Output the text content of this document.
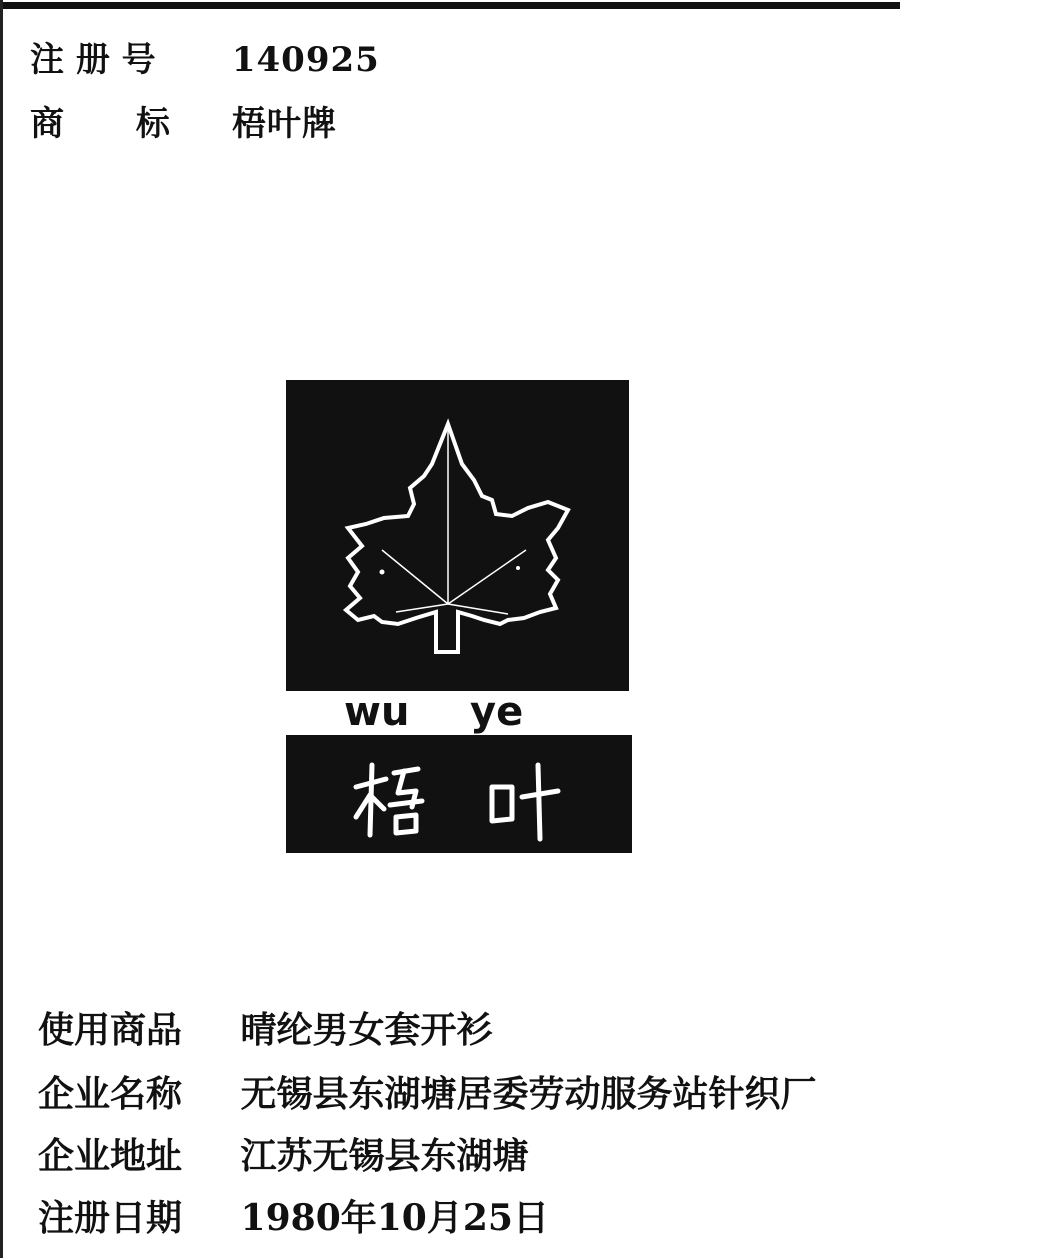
注 册 号 140925
商 标 梧叶牌
wu ye
使用商品 晴纶男女套开衫
企业名称 无锡县东湖塘居委劳动服务站针织厂
企业地址 江苏无锡县东湖塘
注册日期 1980年10月25日
